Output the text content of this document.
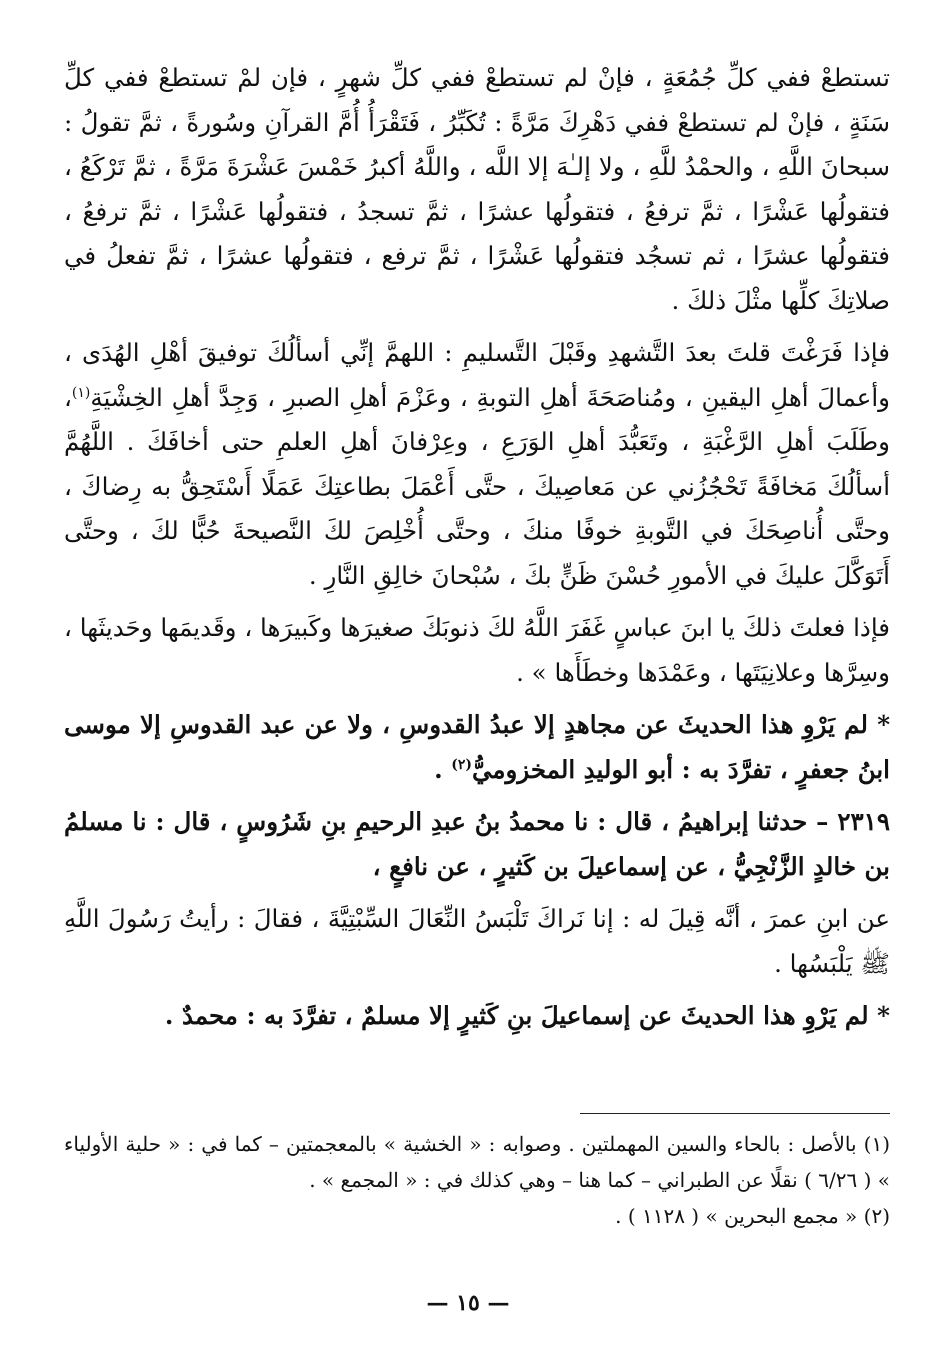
تستطعْ ففي كلِّ جُمُعَةٍ ، فإنْ لم تستطعْ ففي كلِّ شهرٍ ، فإن لمْ تستطعْ ففي كلِّ سَنَةٍ ، فإنْ لم تستطعْ ففي دَهْرِكَ مَرَّةً : تُكَبِّرُ ، فَتَقْرَأُ أُمَّ القرآنِ وسُورةً ، ثمَّ تقولُ : سبحانَ اللَّهِ ، والحمْدُ للَّهِ ، ولا إلـٰهَ إلا اللَّه ، واللَّهُ أكبرُ خَمْسَ عَشْرَةَ مَرَّةً ، ثمَّ تَرْكَعُ ، فتقولُها عَشْرًا ، ثمَّ ترفعُ ، فتقولُها عشرًا ، ثمَّ تسجدُ ، فتقولُها عَشْرًا ، ثمَّ ترفعُ ، فتقولُها عشرًا ، ثم تسجُد فتقولُها عَشْرًا ، ثمَّ ترفع ، فتقولُها عشرًا ، ثمَّ تفعلُ في صلاتِكَ كلِّها مثْلَ ذلكَ .

فإذا فَرَغْتَ قلتَ بعدَ التَّشهدِ وقَبْلَ التَّسليمِ : اللهمَّ إنِّي أسألُكَ توفيقَ أهْلِ الهُدَى ، وأعمالَ أهلِ اليقينِ ، ومُناصَحَةَ أهلِ التوبةِ ، وعَزْمَ أهلِ الصبرِ ، وَجِدَّ أهلِ الخِشْيَةِ$^{(١)}$، وطَلَبَ أهلِ الرَّغْبَةِ ، وتَعَبُّدَ أهلِ الوَرَعِ ، وعِرْفانَ أهلِ العلمِ حتى أخافَكَ . اللَّهُمَّ أسألُكَ مَخافَةً تَحْجُزُني عن مَعاصِيكَ ، حتَّى أَعْمَلَ بطاعتِكَ عَمَلًا أَسْتَحِقُّ به رِضاكَ ، وحتَّى أُناصِحَكَ في التَّوبةِ خوفًا منكَ ، وحتَّى أُخْلِصَ لكَ النَّصيحةَ حُبًّا لكَ ، وحتَّى أَتَوَكَّلَ عليكَ في الأمورِ حُسْنَ ظَنٍّ بكَ ، سُبْحانَ خالِقِ النَّارِ .

فإذا فعلتَ ذلكَ يا ابنَ عباسٍ غَفَرَ اللَّهُ لكَ ذنوبَكَ صغيرَها وكَبيرَها ، وقَديمَها وحَديثَها ، وسِرَّها وعلانِيَتَها ، وعَمْدَها وخطَأَها » .

* لم يَرْوِ هذا الحديثَ عن مجاهدٍ إلا عبدُ القدوسِ ، ولا عن عبد القدوسِ إلا موسى ابنُ جعفرٍ ، تفرَّدَ به : أبو الوليدِ المخزوميُّ$^{(٢)}$ .

٢٣١٩ – حدثنا إبراهيمُ ، قال : نا محمدُ بنُ عبدِ الرحيمِ بنِ شَرُوسٍ ، قال : نا مسلمُ بن خالدٍ الزَّنْجِيُّ ، عن إسماعيلَ بن كَثيرٍ ، عن نافعٍ ،

عن ابنِ عمرَ ، أنَّه قِيلَ له : إنا نَراكَ تَلْبَسُ النِّعَالَ السِّبْتِيَّةَ ، فقالَ : رأيتُ رَسُولَ اللَّهِ ﷺ يَلْبَسُها .

* لم يَرْوِ هذا الحديثَ عن إسماعيلَ بنِ كَثيرٍ إلا مسلمٌ ، تفرَّدَ به : محمدٌ .

(١) بالأصل : بالحاء والسين المهملتين . وصوابه : « الخشية » بالمعجمتين – كما في : « حلية الأولياء » ( ٦/٢٦ ) نقلًا عن الطبراني – كما هنا – وهي كذلك في : « المجمع » .

(٢) « مجمع البحرين » ( ١١٢٨ ) .

— ١٥ —
